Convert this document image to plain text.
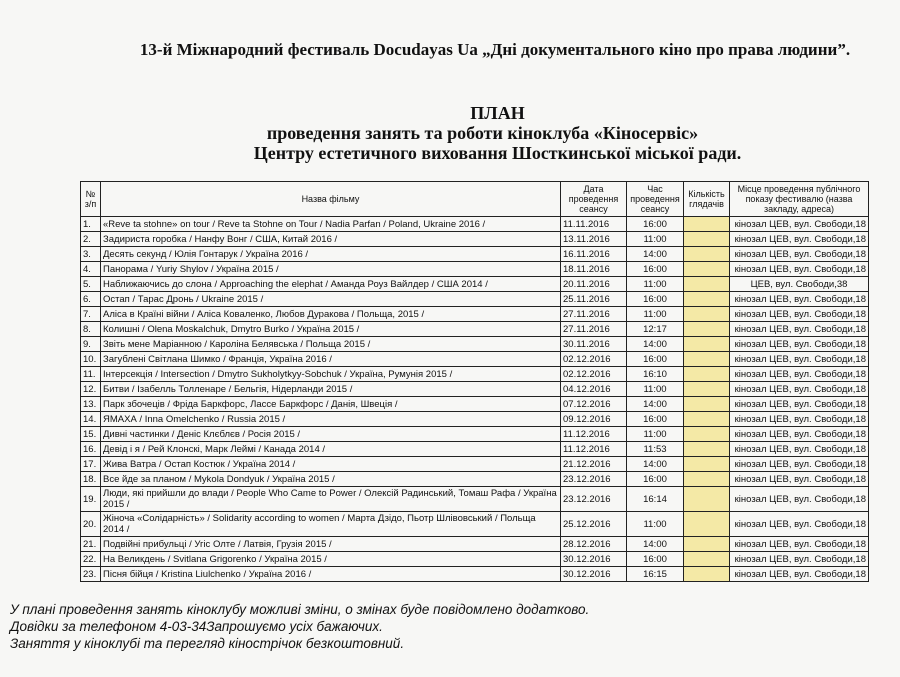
13-й Міжнародний фестиваль Docudayas Ua „Дні документального кіно про права людини”.
ПЛАН
проведення занять та роботи кіноклуба «Кіносервіс»
Центру естетичного виховання Шосткинської міської ради.
№ з/п	Назва фільму	Дата проведення сеансу	Час проведення сеансу	Кількість глядачів	Місце проведення публічного показу фестивалю (назва закладу, адреса)
1.	«Reve ta stohne» on tour / Reve ta Stohne on Tour / Nadia Parfan / Poland, Ukraine 2016 /	11.11.2016	16:00		кінозал ЦЕВ, вул. Свободи,18
2.	Задириста горобка / Нанфу Вонг / США, Китай 2016 /	13.11.2016	11:00		кінозал ЦЕВ, вул. Свободи,18
3.	Десять секунд / Юлія Гонтарук / Україна 2016 /	16.11.2016	14:00		кінозал ЦЕВ, вул. Свободи,18
4.	Панорама / Yuriy Shylov / Україна 2015 /	18.11.2016	16:00		кінозал ЦЕВ, вул. Свободи,18
5.	Наближаючись до слона / Approaching the elephat / Аманда Роуз Вайлдер / США 2014 /	20.11.2016	11:00		ЦЕВ, вул. Свободи,38
6.	Остап / Тарас Дронь / Ukraine 2015 /	25.11.2016	16:00		кінозал ЦЕВ, вул. Свободи,18
7.	Аліса в Країні війни / Аліса Коваленко, Любов Дуракова / Польща, 2015 /	27.11.2016	11:00		кінозал ЦЕВ, вул. Свободи,18
8.	Колишні / Olena Moskalchuk, Dmytro Burko / Україна 2015 /	27.11.2016	12:17		кінозал ЦЕВ, вул. Свободи,18
9.	Звіть мене Маріанною / Кароліна Белявська / Польща 2015 /	30.11.2016	14:00		кінозал ЦЕВ, вул. Свободи,18
10.	Загублені Світлана Шимко / Франція, Україна 2016 /	02.12.2016	16:00		кінозал ЦЕВ, вул. Свободи,18
11.	Інтерсекція / Intersection / Dmytro Sukholytkyy-Sobchuk / Україна, Румунія 2015 /	02.12.2016	16:10		кінозал ЦЕВ, вул. Свободи,18
12.	Битви / Ізабелль Толленаре / Бельгія, Нідерланди 2015 /	04.12.2016	11:00		кінозал ЦЕВ, вул. Свободи,18
13.	Парк збочеців / Фріда Баркфорс, Лассе Баркфорс / Данія, Швеція /	07.12.2016	14:00		кінозал ЦЕВ, вул. Свободи,18
14.	ЯМАХА / Inna Omelchenko / Russia 2015 /	09.12.2016	16:00		кінозал ЦЕВ, вул. Свободи,18
15.	Дивні частинки / Деніс Клєблєв / Росія 2015 /	11.12.2016	11:00		кінозал ЦЕВ, вул. Свободи,18
16.	Девід і я / Рей Клонскі, Марк Леймі / Канада 2014 /	11.12.2016	11:53		кінозал ЦЕВ, вул. Свободи,18
17.	Жива Ватра / Остап Костюк / Україна 2014 /	21.12.2016	14:00		кінозал ЦЕВ, вул. Свободи,18
18.	Все йде за планом / Mykola Dondyuk / Україна 2015 /	23.12.2016	16:00		кінозал ЦЕВ, вул. Свободи,18
19.	Люди, які прийшли до влади / People Who Came to Power / Олексій Радинський, Томаш Рафа / Україна 2015 /	23.12.2016	16:14		кінозал ЦЕВ, вул. Свободи,18
20.	Жіноча «Солідарність» / Solidarity according to women / Марта Дзідо, Пьотр Шлівовський / Польща 2014 /	25.12.2016	11:00		кінозал ЦЕВ, вул. Свободи,18
21.	Подвійні прибульці / Угіс Олте / Латвія, Грузія 2015 /	28.12.2016	14:00		кінозал ЦЕВ, вул. Свободи,18
22.	На Великдень / Svitlana Grigorenko / Україна 2015 /	30.12.2016	16:00		кінозал ЦЕВ, вул. Свободи,18
23.	Пісня бійця / Kristina Liulchenko / Україна 2016 /	30.12.2016	16:15		кінозал ЦЕВ, вул. Свободи,18
У плані проведення занять кіноклубу можливі зміни, о змінах буде повідомлено додатково.
Довідки за телефоном 4-03-34Запрошуємо усіх бажаючих.
Заняття у кіноклубі та перегляд кінострічок безкоштовний.
